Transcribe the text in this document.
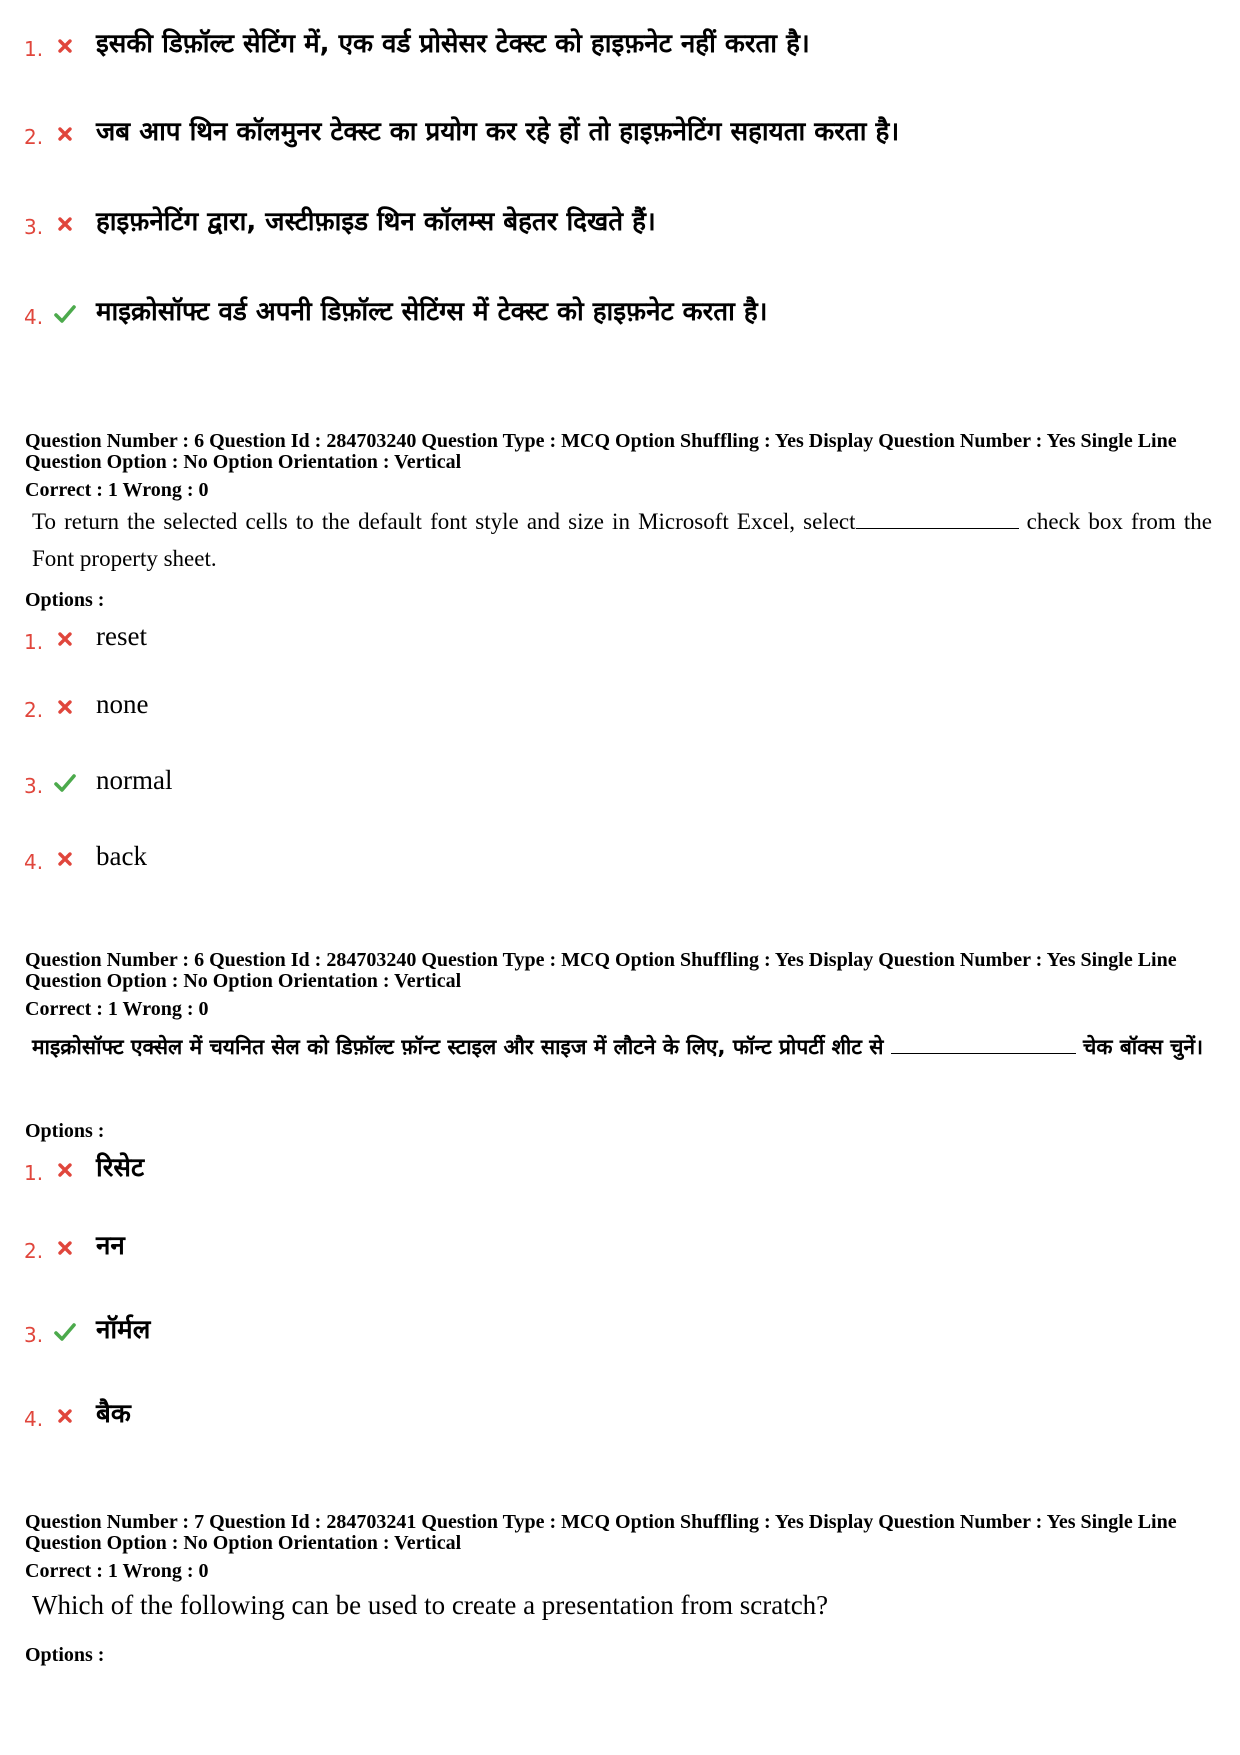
1.	इसकी डिफ़ॉल्ट सेटिंग में, एक वर्ड प्रोसेसर टेक्स्ट को हाइफ़नेट नहीं करता है।
2.	जब आप थिन कॉलमुनर टेक्स्ट का प्रयोग कर रहे हों तो हाइफ़नेटिंग सहायता करता है।
3.	हाइफ़नेटिंग द्वारा, जस्टीफ़ाइड थिन कॉलम्स बेहतर दिखते हैं।
4.	माइक्रोसॉफ्ट वर्ड अपनी डिफ़ॉल्ट सेटिंग्स में टेक्स्ट को हाइफ़नेट करता है।
Question Number : 6 Question Id : 284703240 Question Type : MCQ Option Shuffling : Yes Display Question Number : Yes Single Line Question Option : No Option Orientation : Vertical
Correct : 1 Wrong : 0
To return the selected cells to the default font style and size in Microsoft Excel, select	check box from the Font property sheet.
Options :
1.	reset
2.	none
3.	normal
4.	back
Question Number : 6 Question Id : 284703240 Question Type : MCQ Option Shuffling : Yes Display Question Number : Yes Single Line Question Option : No Option Orientation : Vertical
Correct : 1 Wrong : 0
माइक्रोसॉफ्ट एक्सेल में चयनित सेल को डिफ़ॉल्ट फ़ॉन्ट स्टाइल और साइज में लौटने के लिए, फॉन्ट प्रोपर्टी शीट से	चेक बॉक्स चुनें।
Options :
1.	रिसेट
2.	नन
3.	नॉर्मल
4.	बैक
Question Number : 7 Question Id : 284703241 Question Type : MCQ Option Shuffling : Yes Display Question Number : Yes Single Line Question Option : No Option Orientation : Vertical
Correct : 1 Wrong : 0
Which of the following can be used to create a presentation from scratch?
Options :
